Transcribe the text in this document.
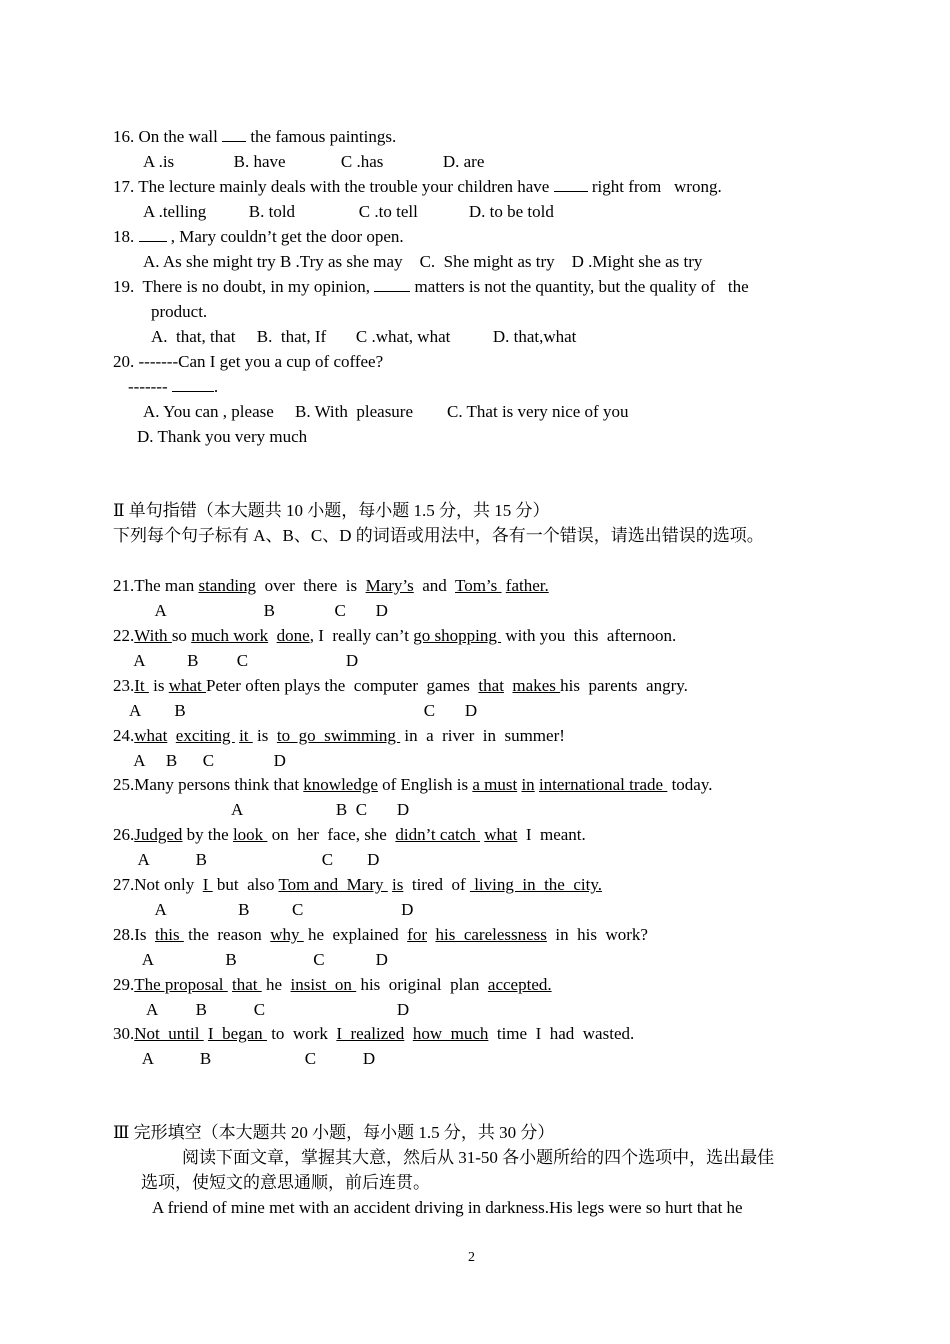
16. On the wall  the famous paintings.
A .is              B. have             C .has              D. are
17. The lecture mainly deals with the trouble your children have  right from   wrong.
A .telling          B. told               C .to tell            D. to be told
18.  , Mary couldn’t get the door open.
A. As she might try B .Try as she may    C.  She might as try    D .Might she as try
19.  There is no doubt, in my opinion,  matters is not the quantity, but the quality of   the
product.
A.  that, that     B.  that, If       C .what, what          D. that,what
20. -------Can I get you a cup of coffee?
------- .
A. You can , please     B. With  pleasure        C. That is very nice of you
D. Thank you very much
Ⅱ 单句指错（本大题共 10 小题，每小题 1.5 分，共 15 分）
下列每个句子标有 A、B、C、D 的词语或用法中，各有一个错误，请选出错误的选项。
21.The man standing  over  there  is  Mary’s  and  Tom’s  father.
A                       B              C       D
22.With so much work done, I  really can’t go shopping  with you  this  afternoon.
A          B         C                       D
23.It  is what Peter often plays the  computer  games  that makes his  parents  angry.
A        B                                                        C       D
24.what exciting  it  is  to  go  swimming  in  a  river  in  summer!
A     B      C              D
25.Many persons think that knowledge of English is a must in international trade  today.
A                      B  C       D
26.Judged by the look  on  her  face, she  didn’t catch  what  I  meant.
A           B                           C        D
27.Not only  I  but  also Tom and  Mary  is  tired  of  living  in  the  city.
A                 B          C                       D
28.Is  this  the  reason  why  he  explained  for his  carelessness  in  his  work?
A                 B                  C            D
29.The proposal  that  he  insist  on  his  original  plan  accepted.
A         B           C                               D
30.Not  until  I  began  to  work  I  realized how  much  time  I  had  wasted.
A           B                      C           D
Ⅲ 完形填空（本大题共 20 小题，每小题 1.5 分，共 30 分）
阅读下面文章，掌握其大意，然后从 31-50 各小题所给的四个选项中，选出最佳
选项，使短文的意思通顺，前后连贯。
A friend of mine met with an accident driving in darkness.His legs were so hurt that he
2
